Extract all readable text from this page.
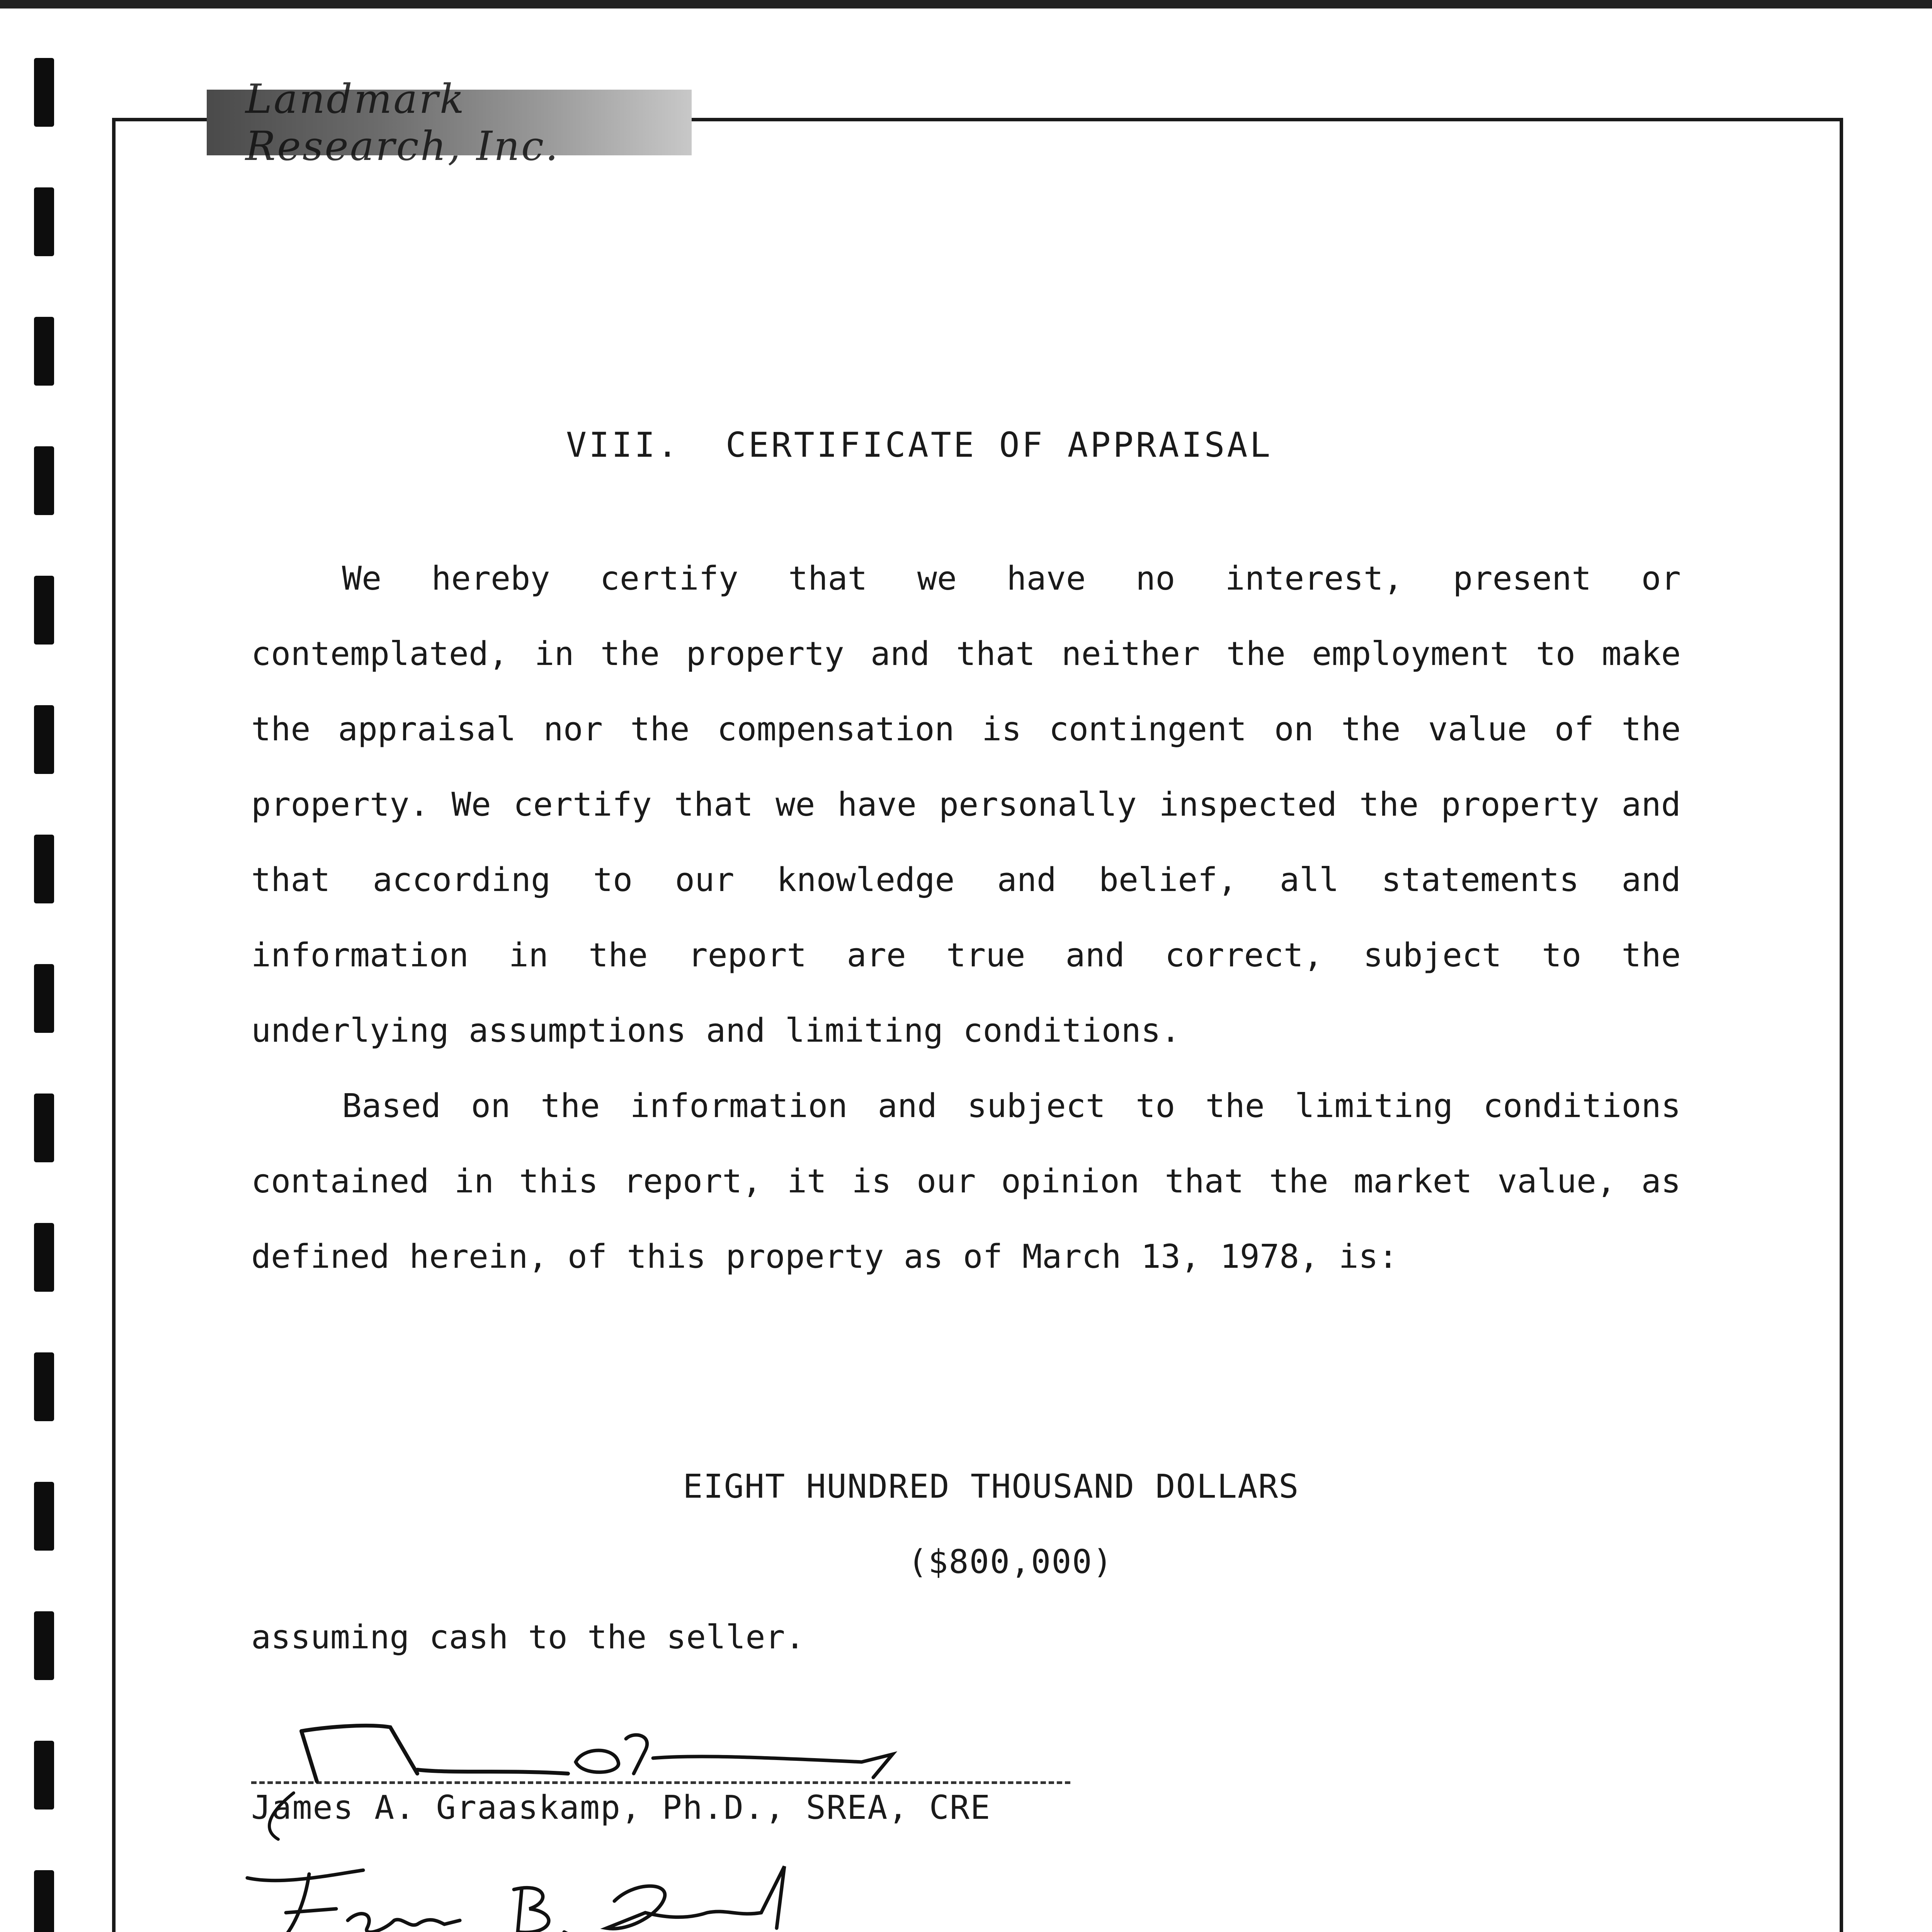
Landmark Research, Inc.
VIII.  CERTIFICATE OF APPRAISAL

We hereby certify that we have no interest, present or contemplated, in the property and that neither the employment to make the appraisal nor the compensation is contingent on the value of the property. We certify that we have personally inspected the property and that according to our knowledge and belief, all statements and information in the report are true and correct, subject to the underlying assumptions and limiting conditions.

Based on the information and subject to the limiting conditions contained in this report, it is our opinion that the market value, as defined herein, of this property as of March 13, 1978, is:

EIGHT HUNDRED THOUSAND DOLLARS
($800,000)
assuming cash to the seller.
James A. Graaskamp, Ph.D., SREA, CRE
